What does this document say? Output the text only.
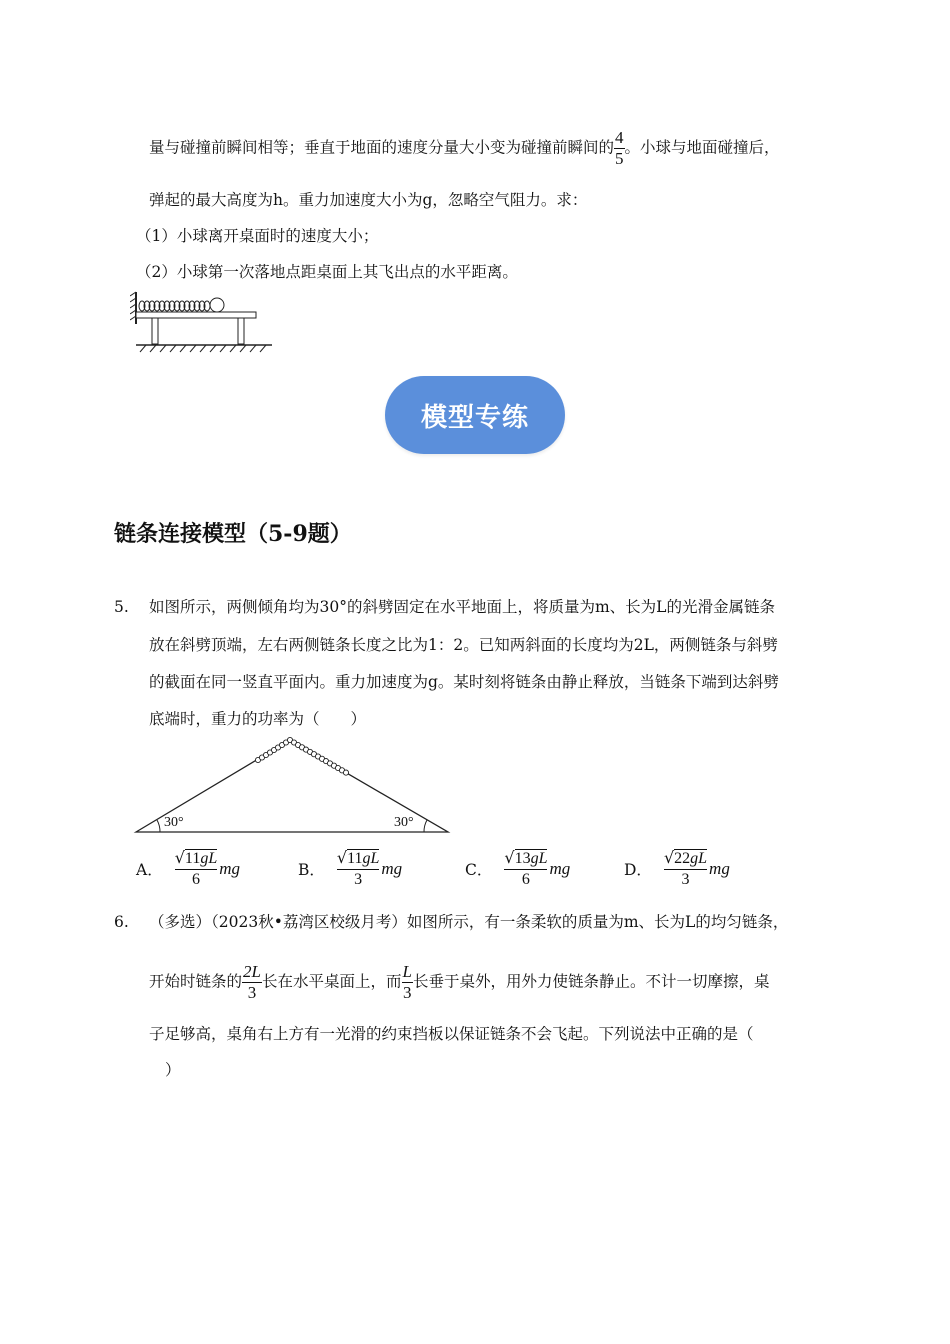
量与碰撞前瞬间相等；垂直于地面的速度分量大小变为碰撞前瞬间的 $\frac{4}{5}$ 。小球与地面碰撞后，
弹起的最大高度为h。重力加速度大小为g，忽略空气阻力。求：
（1）小球离开桌面时的速度大小；
（2）小球第一次落地点距桌面上其飞出点的水平距离。
模型专练
链条连接模型（5-9题）
5. 如图所示，两侧倾角均为30°的斜劈固定在水平地面上，将质量为m、长为L的光滑金属链条
放在斜劈顶端，左右两侧链条长度之比为1：2。已知两斜面的长度均为2L，两侧链条与斜劈
的截面在同一竖直平面内。重力加速度为g。某时刻将链条由静止释放，当链条下端到达斜劈
底端时，重力的功率为（　　）
30°	30°
A．
√11gL
6
mg	B．
√11gL
3
mg	C．
√13gL
6
mg	D．
√22gL
3
mg
6. （多选）（2023秋•荔湾区校级月考）如图所示，有一条柔软的质量为m、长为L的均匀链条，
开始时链条的 $\frac{2L}{3}$ 长在水平桌面上，而 $\frac{L}{3}$ 长垂于桌外，用外力使链条静止。不计一切摩擦，桌
子足够高，桌角右上方有一光滑的约束挡板以保证链条不会飞起。下列说法中正确的是（
）
